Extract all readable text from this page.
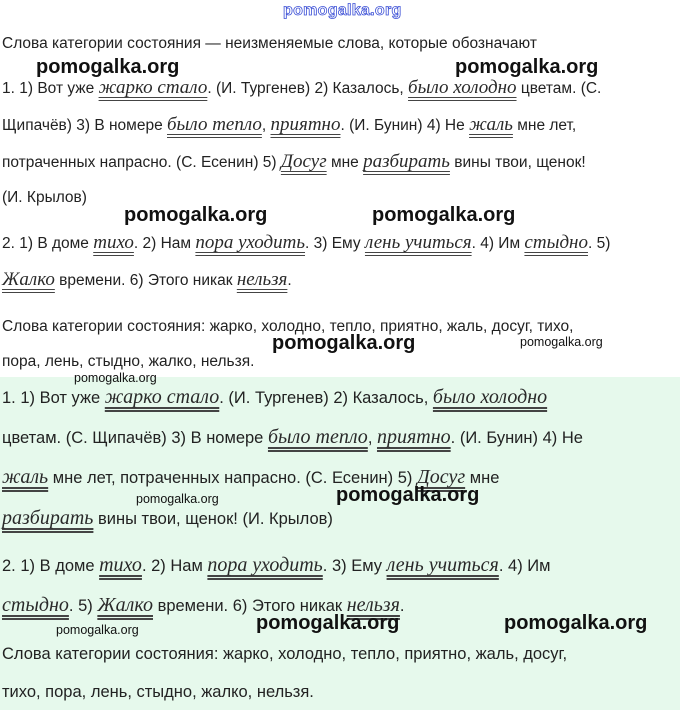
pomogalka.org
Слова категории состояния — неизменяемые слова, которые обозначают
1. 1) Вот уже жарко стало. (И. Тургенев) 2) Казалось, было холодно цветам. (С.
Щипачёв) 3) В номере было тепло, приятно. (И. Бунин) 4) Не жаль мне лет,
потраченных напрасно. (С. Есенин) 5) Досуг мне разбирать вины твои, щенок!
(И. Крылов)
2. 1) В доме тихо. 2) Нам пора уходить. 3) Ему лень учиться. 4) Им стыдно. 5)
Жалко времени. 6) Этого никак нельзя.
Слова категории состояния: жарко, холодно, тепло, приятно, жаль, досуг, тихо,
пора, лень, стыдно, жалко, нельзя.
1. 1) Вот уже жарко стало. (И. Тургенев) 2) Казалось, было холодно
цветам. (С. Щипачёв) 3) В номере было тепло, приятно. (И. Бунин) 4) Не
жаль мне лет, потраченных напрасно. (С. Есенин) 5) Досуг мне
разбирать вины твои, щенок! (И. Крылов)
2. 1) В доме тихо. 2) Нам пора уходить. 3) Ему лень учиться. 4) Им
стыдно. 5) Жалко времени. 6) Этого никак нельзя.
Слова категории состояния: жарко, холодно, тепло, приятно, жаль, досуг,
тихо, пора, лень, стыдно, жалко, нельзя.
pomogalka.org	pomogalka.org
pomogalka.org	pomogalka.org
pomogalka.org	pomogalka.org
pomogalka.org
pomogalka.org	pomogalka.org
pomogalka.org	pomogalka.org
pomogalka.org
